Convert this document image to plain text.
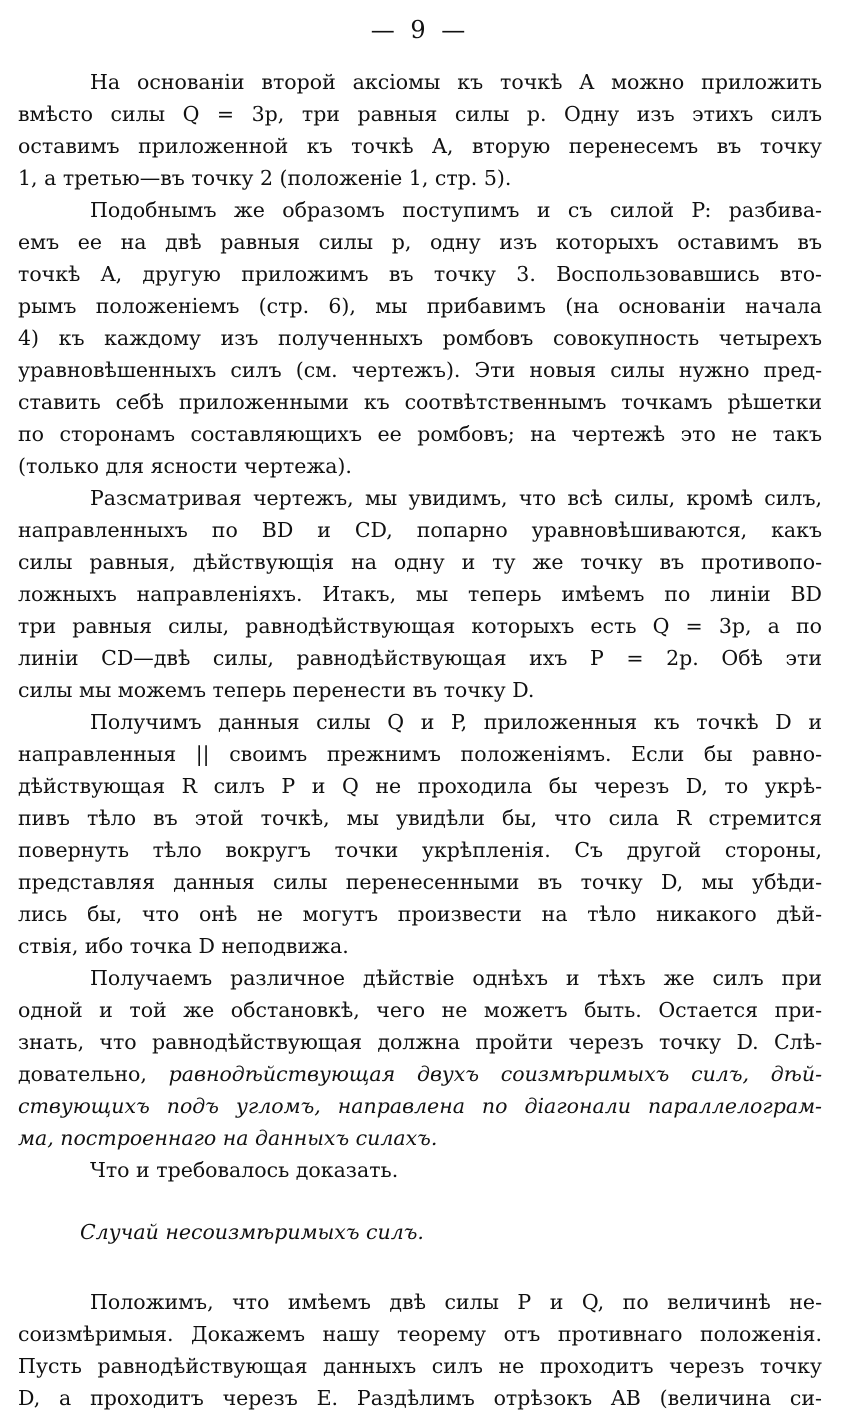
— 9 —
На основаніи второй аксіомы къ точкѣ A можно приложить
вмѣсто силы Q = 3p, три равныя силы p. Одну изъ этихъ силъ
оставимъ приложенной къ точкѣ A, вторую перенесемъ въ точку
1, а третью—въ точку 2 (положеніе 1, стр. 5).
Подобнымъ же образомъ поступимъ и съ силой P: разбива-
емъ ее на двѣ равныя силы p, одну изъ которыхъ оставимъ въ
точкѣ A, другую приложимъ въ точку 3. Воспользовавшись вто-
рымъ положеніемъ (стр. 6), мы прибавимъ (на основаніи начала
4) къ каждому изъ полученныхъ ромбовъ совокупность четырехъ
уравновѣшенныхъ силъ (см. чертежъ). Эти новыя силы нужно пред-
ставить себѣ приложенными къ соотвѣтственнымъ точкамъ рѣшетки
по сторонамъ составляющихъ ее ромбовъ; на чертежѣ это не такъ
(только для ясности чертежа).
Разсматривая чертежъ, мы увидимъ, что всѣ силы, кромѣ силъ,
направленныхъ по BD и CD, попарно уравновѣшиваются, какъ
силы равныя, дѣйствующія на одну и ту же точку въ противопо-
ложныхъ направленіяхъ. Итакъ, мы теперь имѣемъ по линіи BD
три равныя силы, равнодѣйствующая которыхъ есть Q = 3p, а по
линіи CD—двѣ силы, равнодѣйствующая ихъ P = 2p. Обѣ эти
силы мы можемъ теперь перенести въ точку D.
Получимъ данныя силы Q и P, приложенныя къ точкѣ D и
направленныя || своимъ прежнимъ положеніямъ. Если бы равно-
дѣйствующая R силъ P и Q не проходила бы черезъ D, то укрѣ-
пивъ тѣло въ этой точкѣ, мы увидѣли бы, что сила R стремится
повернуть тѣло вокругъ точки укрѣпленія. Съ другой стороны,
представляя данныя силы перенесенными въ точку D, мы убѣди-
лись бы, что онѣ не могутъ произвести на тѣло никакого дѣй-
ствія, ибо точка D неподвижа.
Получаемъ различное дѣйствіе однѣхъ и тѣхъ же силъ при
одной и той же обстановкѣ, чего не можетъ быть. Остается при-
знать, что равнодѣйствующая должна пройти черезъ точку D. Слѣ-
довательно, равнодѣйствующая двухъ соизмѣримыхъ силъ, дѣй-
ствующихъ подъ угломъ, направлена по діагонали параллелограм-
ма, построеннаго на данныхъ силахъ.
Что и требовалось доказать.
Случай несоизмѣримыхъ силъ.
Положимъ, что имѣемъ двѣ силы P и Q, по величинѣ не-
соизмѣримыя. Докажемъ нашу теорему отъ противнаго положенія.
Пусть равнодѣйствующая данныхъ силъ не проходитъ черезъ точку
D, а проходитъ черезъ E. Раздѣлимъ отрѣзокъ AB (величина си-
